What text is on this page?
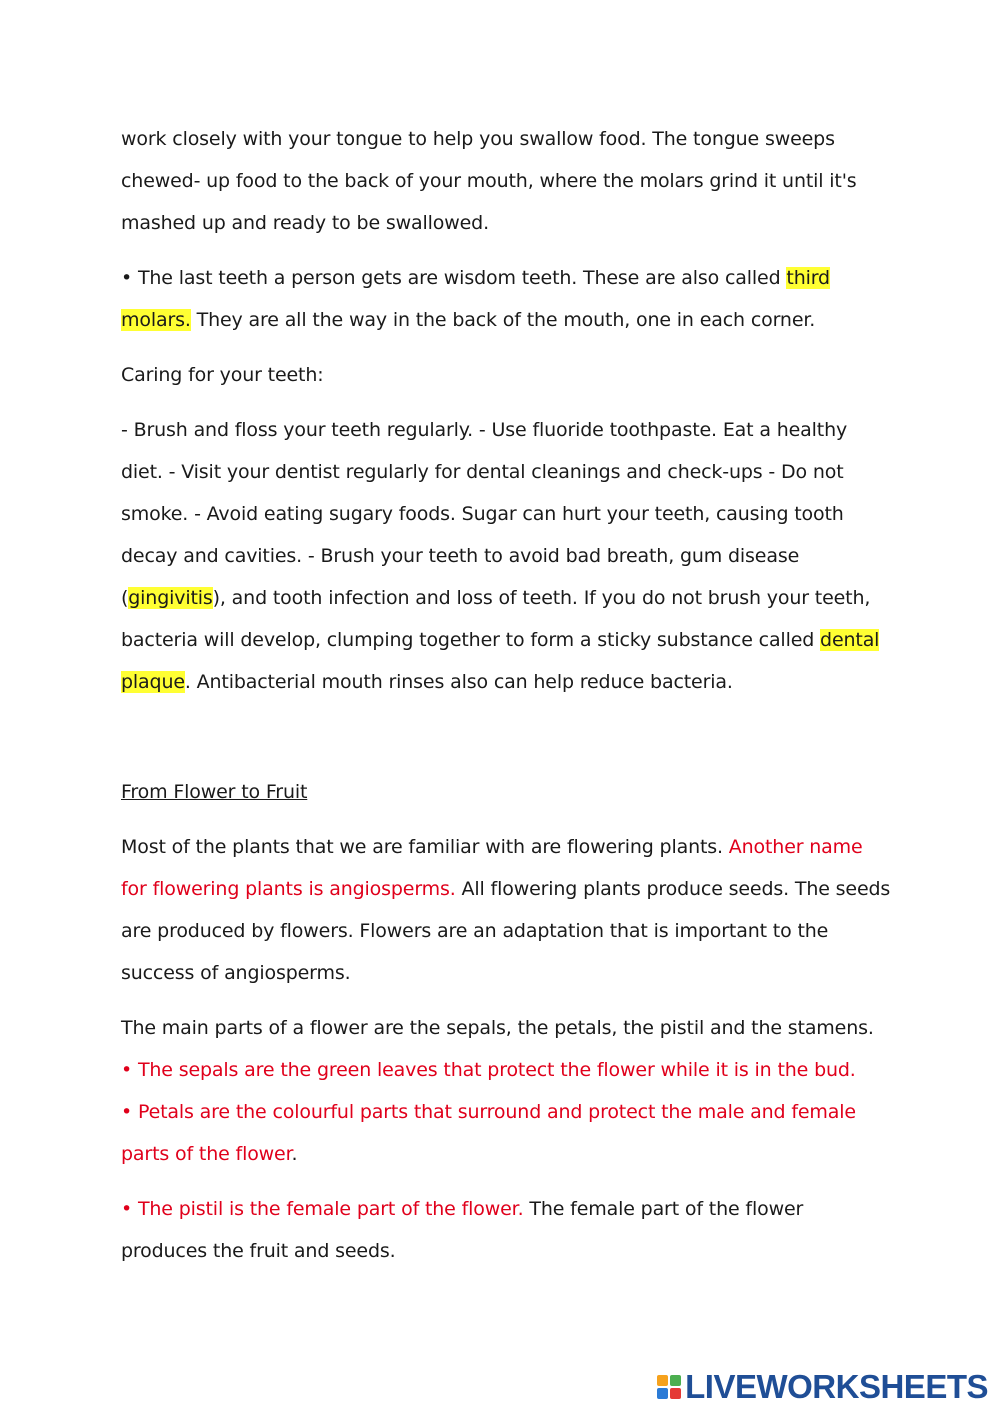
work closely with your tongue to help you swallow food. The tongue sweeps chewed- up food to the back of your mouth, where the molars grind it until it's mashed up and ready to be swallowed.

• The last teeth a person gets are wisdom teeth. These are also called third molars. They are all the way in the back of the mouth, one in each corner.

Caring for your teeth:

- Brush and floss your teeth regularly. - Use fluoride toothpaste. Eat a healthy diet. - Visit your dentist regularly for dental cleanings and check-ups - Do not smoke. - Avoid eating sugary foods. Sugar can hurt your teeth, causing tooth decay and cavities. - Brush your teeth to avoid bad breath, gum disease (gingivitis), and tooth infection and loss of teeth. If you do not brush your teeth, bacteria will develop, clumping together to form a sticky substance called dental plaque. Antibacterial mouth rinses also can help reduce bacteria.

From Flower to Fruit

Most of the plants that we are familiar with are flowering plants. Another name for flowering plants is angiosperms. All flowering plants produce seeds. The seeds are produced by flowers. Flowers are an adaptation that is important to the success of angiosperms.

The main parts of a flower are the sepals, the petals, the pistil and the stamens.
• The sepals are the green leaves that protect the flower while it is in the bud.
• Petals are the colourful parts that surround and protect the male and female parts of the flower.

• The pistil is the female part of the flower. The female part of the flower produces the fruit and seeds.

LIVEWORKSHEETS
